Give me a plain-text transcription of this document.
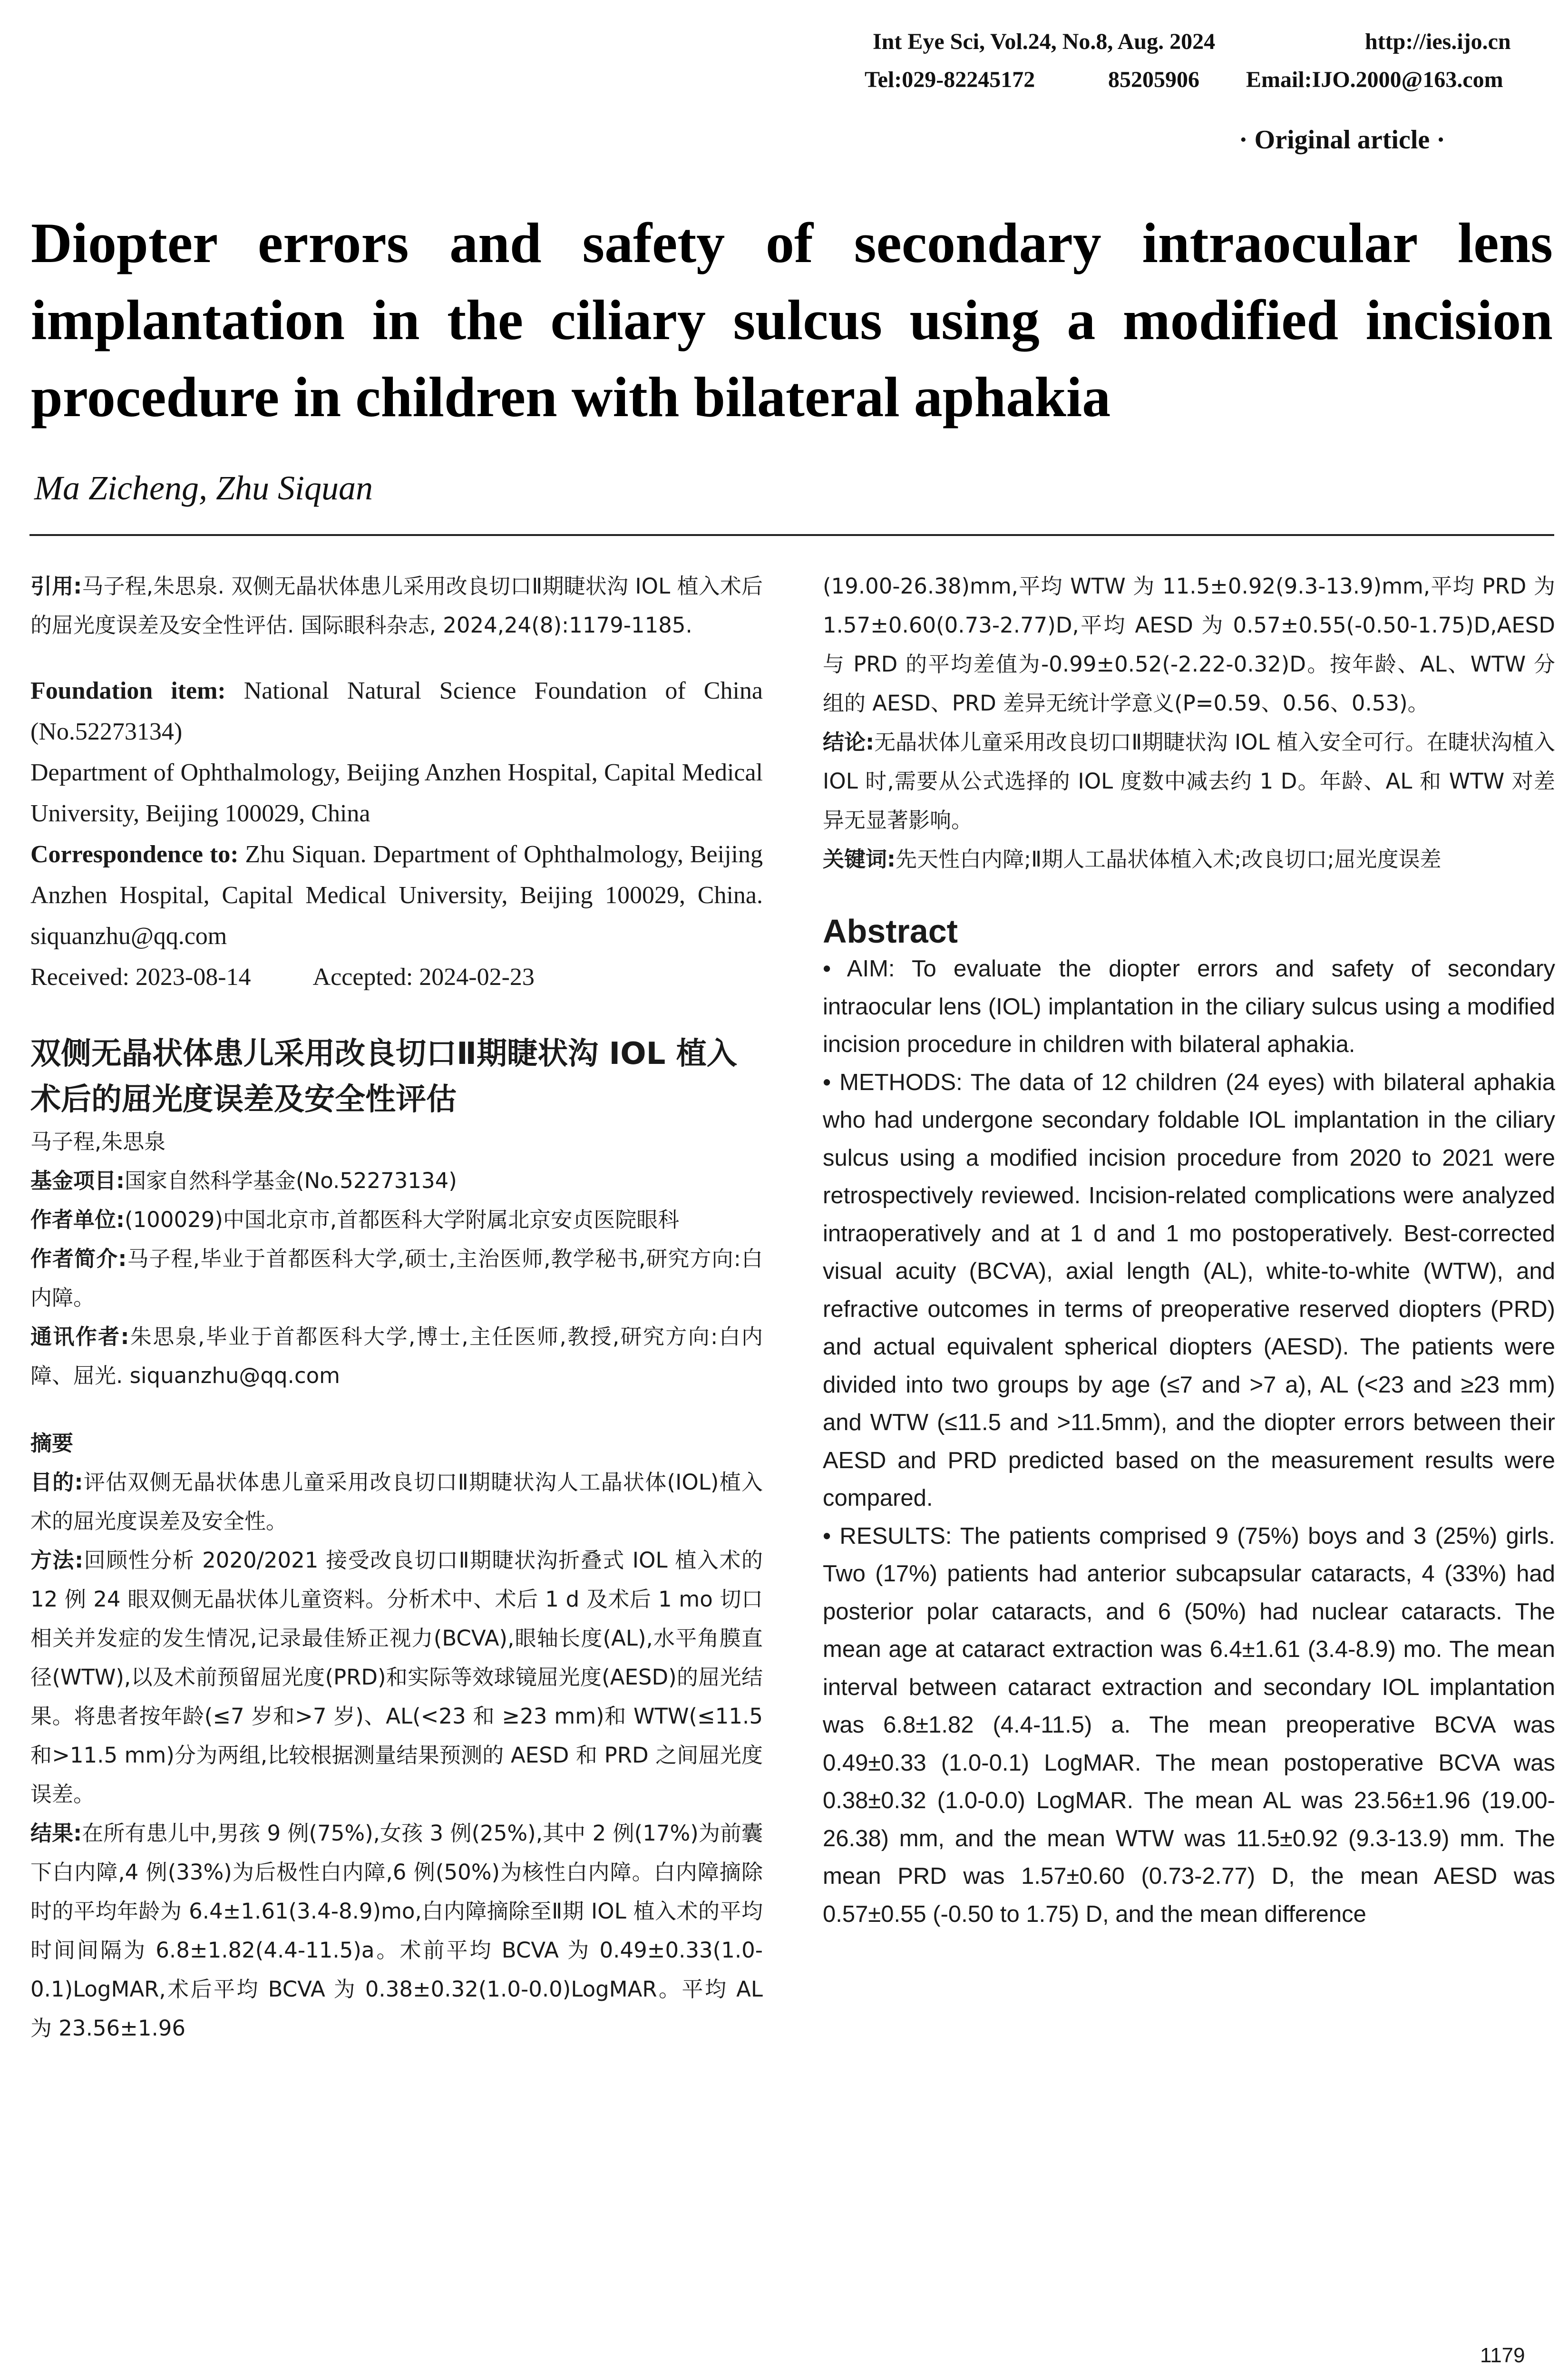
Int Eye Sci, Vol.24, No.8, Aug. 2024	http://ies.ijo.cn
Tel:029-82245172	85205906 Email:IJO.2000@163.com
· Original article ·
Diopter errors and safety of secondary intraocular lens implantation in the ciliary sulcus using a modified incision procedure in children with bilateral aphakia
Ma Zicheng, Zhu Siquan

引用:马子程,朱思泉. 双侧无晶状体患儿采用改良切口Ⅱ期睫状沟 IOL 植入术后的屈光度误差及安全性评估. 国际眼科杂志, 2024,24(8):1179-1185.

Foundation item: National Natural Science Foundation of China (No.52273134)

Department of Ophthalmology, Beijing Anzhen Hospital, Capital Medical University, Beijing 100029, China

Correspondence to: Zhu Siquan. Department of Ophthalmology, Beijing Anzhen Hospital, Capital Medical University, Beijing 100029, China. siquanzhu@qq.com

Received: 2023-08-14	Accepted: 2024-02-23

双侧无晶状体患儿采用改良切口Ⅱ期睫状沟 IOL 植入术后的屈光度误差及安全性评估

马子程,朱思泉

基金项目:国家自然科学基金(No.52273134)

作者单位:(100029)中国北京市,首都医科大学附属北京安贞医院眼科

作者简介:马子程,毕业于首都医科大学,硕士,主治医师,教学秘书,研究方向:白内障。

通讯作者:朱思泉,毕业于首都医科大学,博士,主任医师,教授,研究方向:白内障、屈光. siquanzhu@qq.com

摘要

目的:评估双侧无晶状体患儿童采用改良切口Ⅱ期睫状沟人工晶状体(IOL)植入术的屈光度误差及安全性。

方法:回顾性分析 2020/2021 接受改良切口Ⅱ期睫状沟折叠式 IOL 植入术的 12 例 24 眼双侧无晶状体儿童资料。分析术中、术后 1 d 及术后 1 mo 切口相关并发症的发生情况,记录最佳矫正视力(BCVA),眼轴长度(AL),水平角膜直径(WTW),以及术前预留屈光度(PRD)和实际等效球镜屈光度(AESD)的屈光结果。将患者按年龄(≤7 岁和>7 岁)、AL(<23 和 ≥23 mm)和 WTW(≤11.5 和>11.5 mm)分为两组,比较根据测量结果预测的 AESD 和 PRD 之间屈光度误差。

结果:在所有患儿中,男孩 9 例(75%),女孩 3 例(25%),其中 2 例(17%)为前囊下白内障,4 例(33%)为后极性白内障,6 例(50%)为核性白内障。白内障摘除时的平均年龄为 6.4±1.61(3.4-8.9)mo,白内障摘除至Ⅱ期 IOL 植入术的平均时间间隔为 6.8±1.82(4.4-11.5)a。术前平均 BCVA 为 0.49±0.33(1.0-0.1)LogMAR,术后平均 BCVA 为 0.38±0.32(1.0-0.0)LogMAR。平均 AL 为 23.56±1.96

(19.00-26.38)mm,平均 WTW 为 11.5±0.92(9.3-13.9)mm,平均 PRD 为 1.57±0.60(0.73-2.77)D,平均 AESD 为 0.57±0.55(-0.50-1.75)D,AESD 与 PRD 的平均差值为-0.99±0.52(-2.22-0.32)D。按年龄、AL、WTW 分组的 AESD、PRD 差异无统计学意义(P=0.59、0.56、0.53)。

结论:无晶状体儿童采用改良切口Ⅱ期睫状沟 IOL 植入安全可行。在睫状沟植入 IOL 时,需要从公式选择的 IOL 度数中减去约 1 D。年龄、AL 和 WTW 对差异无显著影响。

关键词:先天性白内障;Ⅱ期人工晶状体植入术;改良切口;屈光度误差

Abstract

• AIM: To evaluate the diopter errors and safety of secondary intraocular lens (IOL) implantation in the ciliary sulcus using a modified incision procedure in children with bilateral aphakia.

• METHODS: The data of 12 children (24 eyes) with bilateral aphakia who had undergone secondary foldable IOL implantation in the ciliary sulcus using a modified incision procedure from 2020 to 2021 were retrospectively reviewed. Incision-related complications were analyzed intraoperatively and at 1 d and 1 mo postoperatively. Best-corrected visual acuity (BCVA), axial length (AL), white-to-white (WTW), and refractive outcomes in terms of preoperative reserved diopters (PRD) and actual equivalent spherical diopters (AESD). The patients were divided into two groups by age (≤7 and >7 a), AL (<23 and ≥23 mm) and WTW (≤11.5 and >11.5mm), and the diopter errors between their AESD and PRD predicted based on the measurement results were compared.

• RESULTS: The patients comprised 9 (75%) boys and 3 (25%) girls. Two (17%) patients had anterior subcapsular cataracts, 4 (33%) had posterior polar cataracts, and 6 (50%) had nuclear cataracts. The mean age at cataract extraction was 6.4±1.61 (3.4-8.9) mo. The mean interval between cataract extraction and secondary IOL implantation was 6.8±1.82 (4.4-11.5) a. The mean preoperative BCVA was 0.49±0.33 (1.0-0.1) LogMAR. The mean postoperative BCVA was 0.38±0.32 (1.0-0.0) LogMAR. The mean AL was 23.56±1.96 (19.00-26.38) mm, and the mean WTW was 11.5±0.92 (9.3-13.9) mm. The mean PRD was 1.57±0.60 (0.73-2.77) D, the mean AESD was 0.57±0.55 (-0.50 to 1.75) D, and the mean difference

1179
